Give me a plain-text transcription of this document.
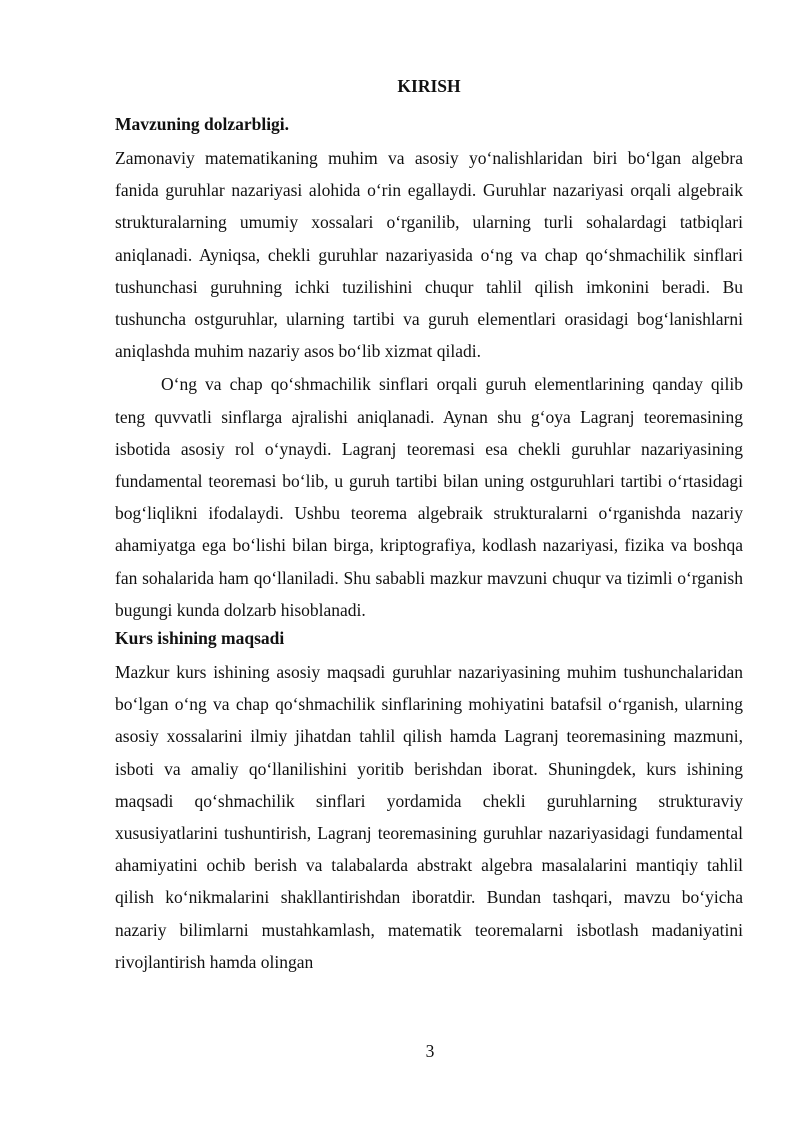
KIRISH
Mavzuning dolzarbligi.

Zamonaviy matematikaning muhim va asosiy yo‘nalishlaridan biri bo‘lgan algebra fanida guruhlar nazariyasi alohida o‘rin egallaydi. Guruhlar nazariyasi orqali algebraik strukturalarning umumiy xossalari o‘rganilib, ularning turli sohalardagi tatbiqlari aniqlanadi. Ayniqsa, chekli guruhlar nazariyasida o‘ng va chap qo‘shmachilik sinflari tushunchasi guruhning ichki tuzilishini chuqur tahlil qilish imkonini beradi. Bu tushuncha ostguruhlar, ularning tartibi va guruh elementlari orasidagi bog‘lanishlarni aniqlashda muhim nazariy asos bo‘lib xizmat qiladi.

O‘ng va chap qo‘shmachilik sinflari orqali guruh elementlarining qanday qilib teng quvvatli sinflarga ajralishi aniqlanadi. Aynan shu g‘oya Lagranj teoremasining isbotida asosiy rol o‘ynaydi. Lagranj teoremasi esa chekli guruhlar nazariyasining fundamental teoremasi bo‘lib, u guruh tartibi bilan uning ostguruhlari tartibi o‘rtasidagi bog‘liqlikni ifodalaydi. Ushbu teorema algebraik strukturalarni o‘rganishda nazariy ahamiyatga ega bo‘lishi bilan birga, kriptografiya, kodlash nazariyasi, fizika va boshqa fan sohalarida ham qo‘llaniladi. Shu sababli mazkur mavzuni chuqur va tizimli o‘rganish bugungi kunda dolzarb hisoblanadi.

Kurs ishining maqsadi

Mazkur kurs ishining asosiy maqsadi guruhlar nazariyasining muhim tushunchalaridan bo‘lgan o‘ng va chap qo‘shmachilik sinflarining mohiyatini batafsil o‘rganish, ularning asosiy xossalarini ilmiy jihatdan tahlil qilish hamda Lagranj teoremasining mazmuni, isboti va amaliy qo‘llanilishini yoritib berishdan iborat. Shuningdek, kurs ishining maqsadi qo‘shmachilik sinflari yordamida chekli guruhlarning strukturaviy xususiyatlarini tushuntirish, Lagranj teoremasining guruhlar nazariyasidagi fundamental ahamiyatini ochib berish va talabalarda abstrakt algebra masalalarini mantiqiy tahlil qilish ko‘nikmalarini shakllantirishdan iboratdir. Bundan tashqari, mavzu bo‘yicha nazariy bilimlarni mustahkamlash, matematik teoremalarni isbotlash madaniyatini rivojlantirish hamda olingan

3
